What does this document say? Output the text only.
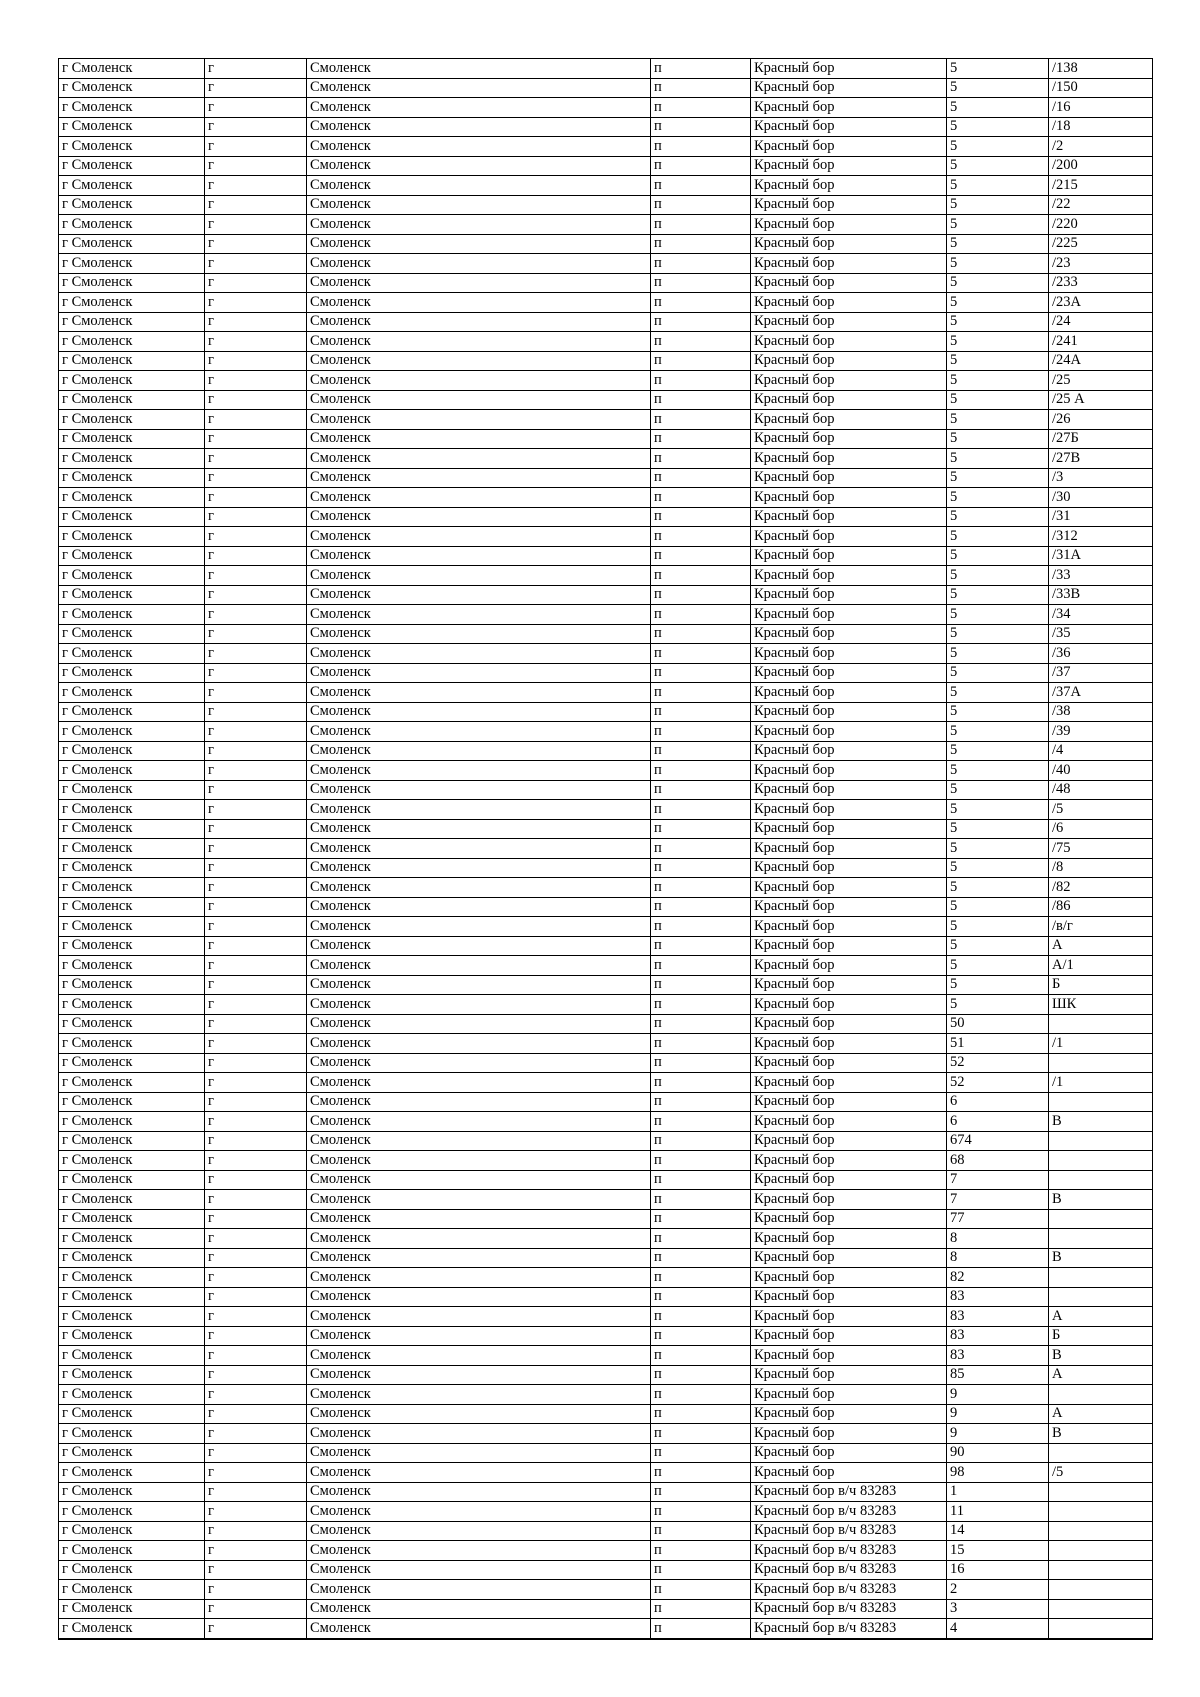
г Смоленск	г	Смоленск	п	Красный бор	5	/138
г Смоленск	г	Смоленск	п	Красный бор	5	/150
г Смоленск	г	Смоленск	п	Красный бор	5	/16
г Смоленск	г	Смоленск	п	Красный бор	5	/18
г Смоленск	г	Смоленск	п	Красный бор	5	/2
г Смоленск	г	Смоленск	п	Красный бор	5	/200
г Смоленск	г	Смоленск	п	Красный бор	5	/215
г Смоленск	г	Смоленск	п	Красный бор	5	/22
г Смоленск	г	Смоленск	п	Красный бор	5	/220
г Смоленск	г	Смоленск	п	Красный бор	5	/225
г Смоленск	г	Смоленск	п	Красный бор	5	/23
г Смоленск	г	Смоленск	п	Красный бор	5	/233
г Смоленск	г	Смоленск	п	Красный бор	5	/23А
г Смоленск	г	Смоленск	п	Красный бор	5	/24
г Смоленск	г	Смоленск	п	Красный бор	5	/241
г Смоленск	г	Смоленск	п	Красный бор	5	/24А
г Смоленск	г	Смоленск	п	Красный бор	5	/25
г Смоленск	г	Смоленск	п	Красный бор	5	/25 А
г Смоленск	г	Смоленск	п	Красный бор	5	/26
г Смоленск	г	Смоленск	п	Красный бор	5	/27Б
г Смоленск	г	Смоленск	п	Красный бор	5	/27В
г Смоленск	г	Смоленск	п	Красный бор	5	/3
г Смоленск	г	Смоленск	п	Красный бор	5	/30
г Смоленск	г	Смоленск	п	Красный бор	5	/31
г Смоленск	г	Смоленск	п	Красный бор	5	/312
г Смоленск	г	Смоленск	п	Красный бор	5	/31А
г Смоленск	г	Смоленск	п	Красный бор	5	/33
г Смоленск	г	Смоленск	п	Красный бор	5	/33В
г Смоленск	г	Смоленск	п	Красный бор	5	/34
г Смоленск	г	Смоленск	п	Красный бор	5	/35
г Смоленск	г	Смоленск	п	Красный бор	5	/36
г Смоленск	г	Смоленск	п	Красный бор	5	/37
г Смоленск	г	Смоленск	п	Красный бор	5	/37А
г Смоленск	г	Смоленск	п	Красный бор	5	/38
г Смоленск	г	Смоленск	п	Красный бор	5	/39
г Смоленск	г	Смоленск	п	Красный бор	5	/4
г Смоленск	г	Смоленск	п	Красный бор	5	/40
г Смоленск	г	Смоленск	п	Красный бор	5	/48
г Смоленск	г	Смоленск	п	Красный бор	5	/5
г Смоленск	г	Смоленск	п	Красный бор	5	/6
г Смоленск	г	Смоленск	п	Красный бор	5	/75
г Смоленск	г	Смоленск	п	Красный бор	5	/8
г Смоленск	г	Смоленск	п	Красный бор	5	/82
г Смоленск	г	Смоленск	п	Красный бор	5	/86
г Смоленск	г	Смоленск	п	Красный бор	5	/в/г
г Смоленск	г	Смоленск	п	Красный бор	5	А
г Смоленск	г	Смоленск	п	Красный бор	5	А/1
г Смоленск	г	Смоленск	п	Красный бор	5	Б
г Смоленск	г	Смоленск	п	Красный бор	5	ШК
г Смоленск	г	Смоленск	п	Красный бор	50	
г Смоленск	г	Смоленск	п	Красный бор	51	/1
г Смоленск	г	Смоленск	п	Красный бор	52	
г Смоленск	г	Смоленск	п	Красный бор	52	/1
г Смоленск	г	Смоленск	п	Красный бор	6	
г Смоленск	г	Смоленск	п	Красный бор	6	В
г Смоленск	г	Смоленск	п	Красный бор	674	
г Смоленск	г	Смоленск	п	Красный бор	68	
г Смоленск	г	Смоленск	п	Красный бор	7	
г Смоленск	г	Смоленск	п	Красный бор	7	В
г Смоленск	г	Смоленск	п	Красный бор	77	
г Смоленск	г	Смоленск	п	Красный бор	8	
г Смоленск	г	Смоленск	п	Красный бор	8	В
г Смоленск	г	Смоленск	п	Красный бор	82	
г Смоленск	г	Смоленск	п	Красный бор	83	
г Смоленск	г	Смоленск	п	Красный бор	83	А
г Смоленск	г	Смоленск	п	Красный бор	83	Б
г Смоленск	г	Смоленск	п	Красный бор	83	В
г Смоленск	г	Смоленск	п	Красный бор	85	А
г Смоленск	г	Смоленск	п	Красный бор	9	
г Смоленск	г	Смоленск	п	Красный бор	9	А
г Смоленск	г	Смоленск	п	Красный бор	9	В
г Смоленск	г	Смоленск	п	Красный бор	90	
г Смоленск	г	Смоленск	п	Красный бор	98	/5
г Смоленск	г	Смоленск	п	Красный бор в/ч 83283	1	
г Смоленск	г	Смоленск	п	Красный бор в/ч 83283	11	
г Смоленск	г	Смоленск	п	Красный бор в/ч 83283	14	
г Смоленск	г	Смоленск	п	Красный бор в/ч 83283	15	
г Смоленск	г	Смоленск	п	Красный бор в/ч 83283	16	
г Смоленск	г	Смоленск	п	Красный бор в/ч 83283	2	
г Смоленск	г	Смоленск	п	Красный бор в/ч 83283	3	
г Смоленск	г	Смоленск	п	Красный бор в/ч 83283	4	
